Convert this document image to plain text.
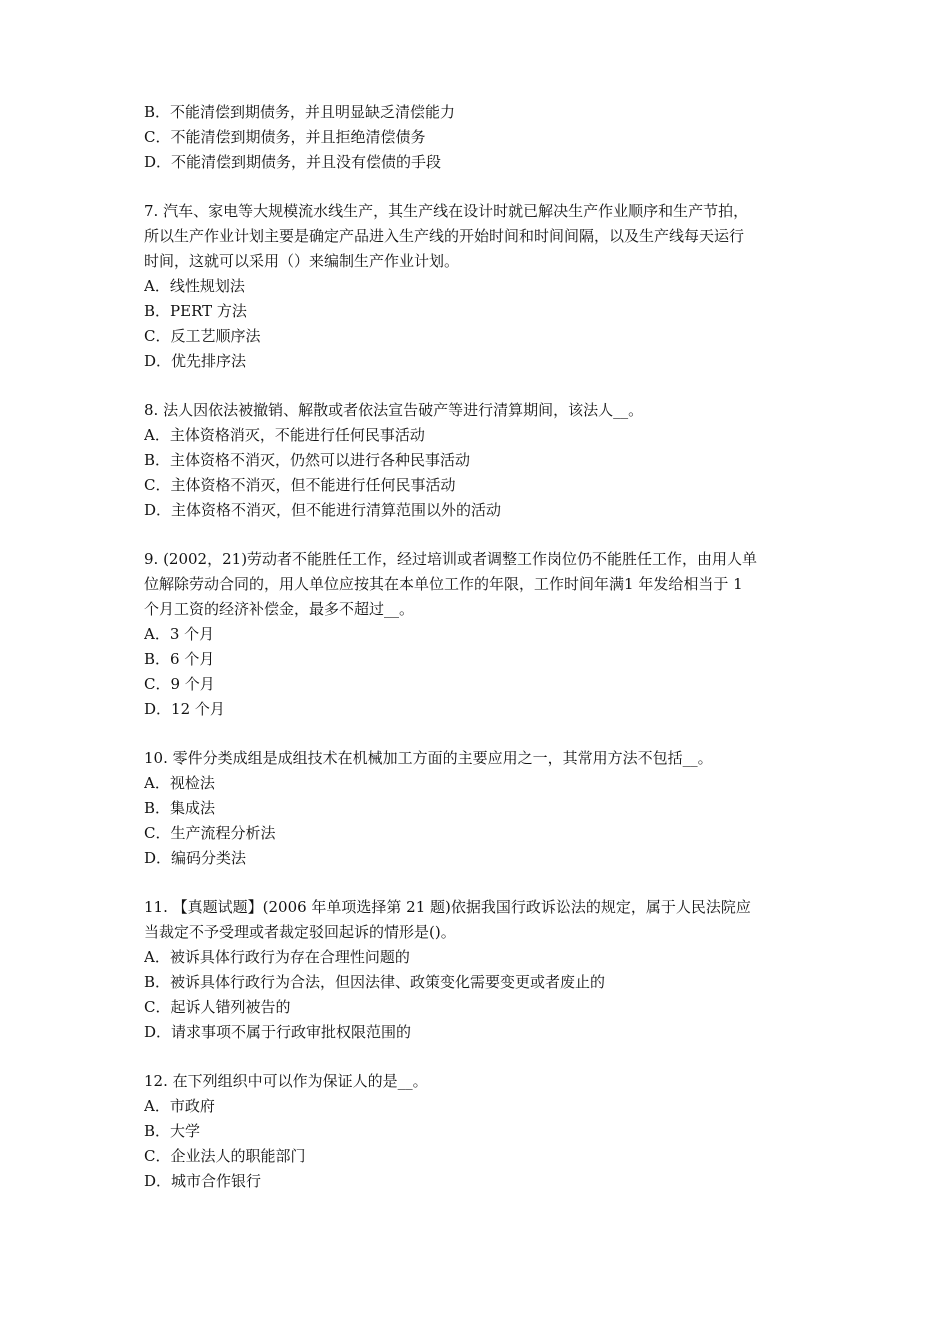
B．不能清偿到期债务，并且明显缺乏清偿能力
C．不能清偿到期债务，并且拒绝清偿债务
D．不能清偿到期债务，并且没有偿债的手段
7. 汽车、家电等大规模流水线生产，其生产线在设计时就已解决生产作业顺序和生产节拍，
所以生产作业计划主要是确定产品进入生产线的开始时间和时间间隔，以及生产线每天运行
时间，这就可以采用（）来编制生产作业计划。
A．线性规划法
B．PERT 方法
C．反工艺顺序法
D．优先排序法
8. 法人因依法被撤销、解散或者依法宣告破产等进行清算期间，该法人__。
A．主体资格消灭，不能进行任何民事活动
B．主体资格不消灭，仍然可以进行各种民事活动
C．主体资格不消灭，但不能进行任何民事活动
D．主体资格不消灭，但不能进行清算范围以外的活动
9. (2002，21)劳动者不能胜任工作，经过培训或者调整工作岗位仍不能胜任工作，由用人单
位解除劳动合同的，用人单位应按其在本单位工作的年限，工作时间年满1 年发给相当于 1
个月工资的经济补偿金，最多不超过__。
A．3 个月
B．6 个月
C．9 个月
D．12 个月
10. 零件分类成组是成组技术在机械加工方面的主要应用之一，其常用方法不包括__。
A．视检法
B．集成法
C．生产流程分析法
D．编码分类法
11. 【真题试题】(2006 年单项选择第 21 题)依据我国行政诉讼法的规定，属于人民法院应
当裁定不予受理或者裁定驳回起诉的情形是()。
A．被诉具体行政行为存在合理性问题的
B．被诉具体行政行为合法，但因法律、政策变化需要变更或者废止的
C．起诉人错列被告的
D．请求事项不属于行政审批权限范围的
12. 在下列组织中可以作为保证人的是__。
A．市政府
B．大学
C．企业法人的职能部门
D．城市合作银行
